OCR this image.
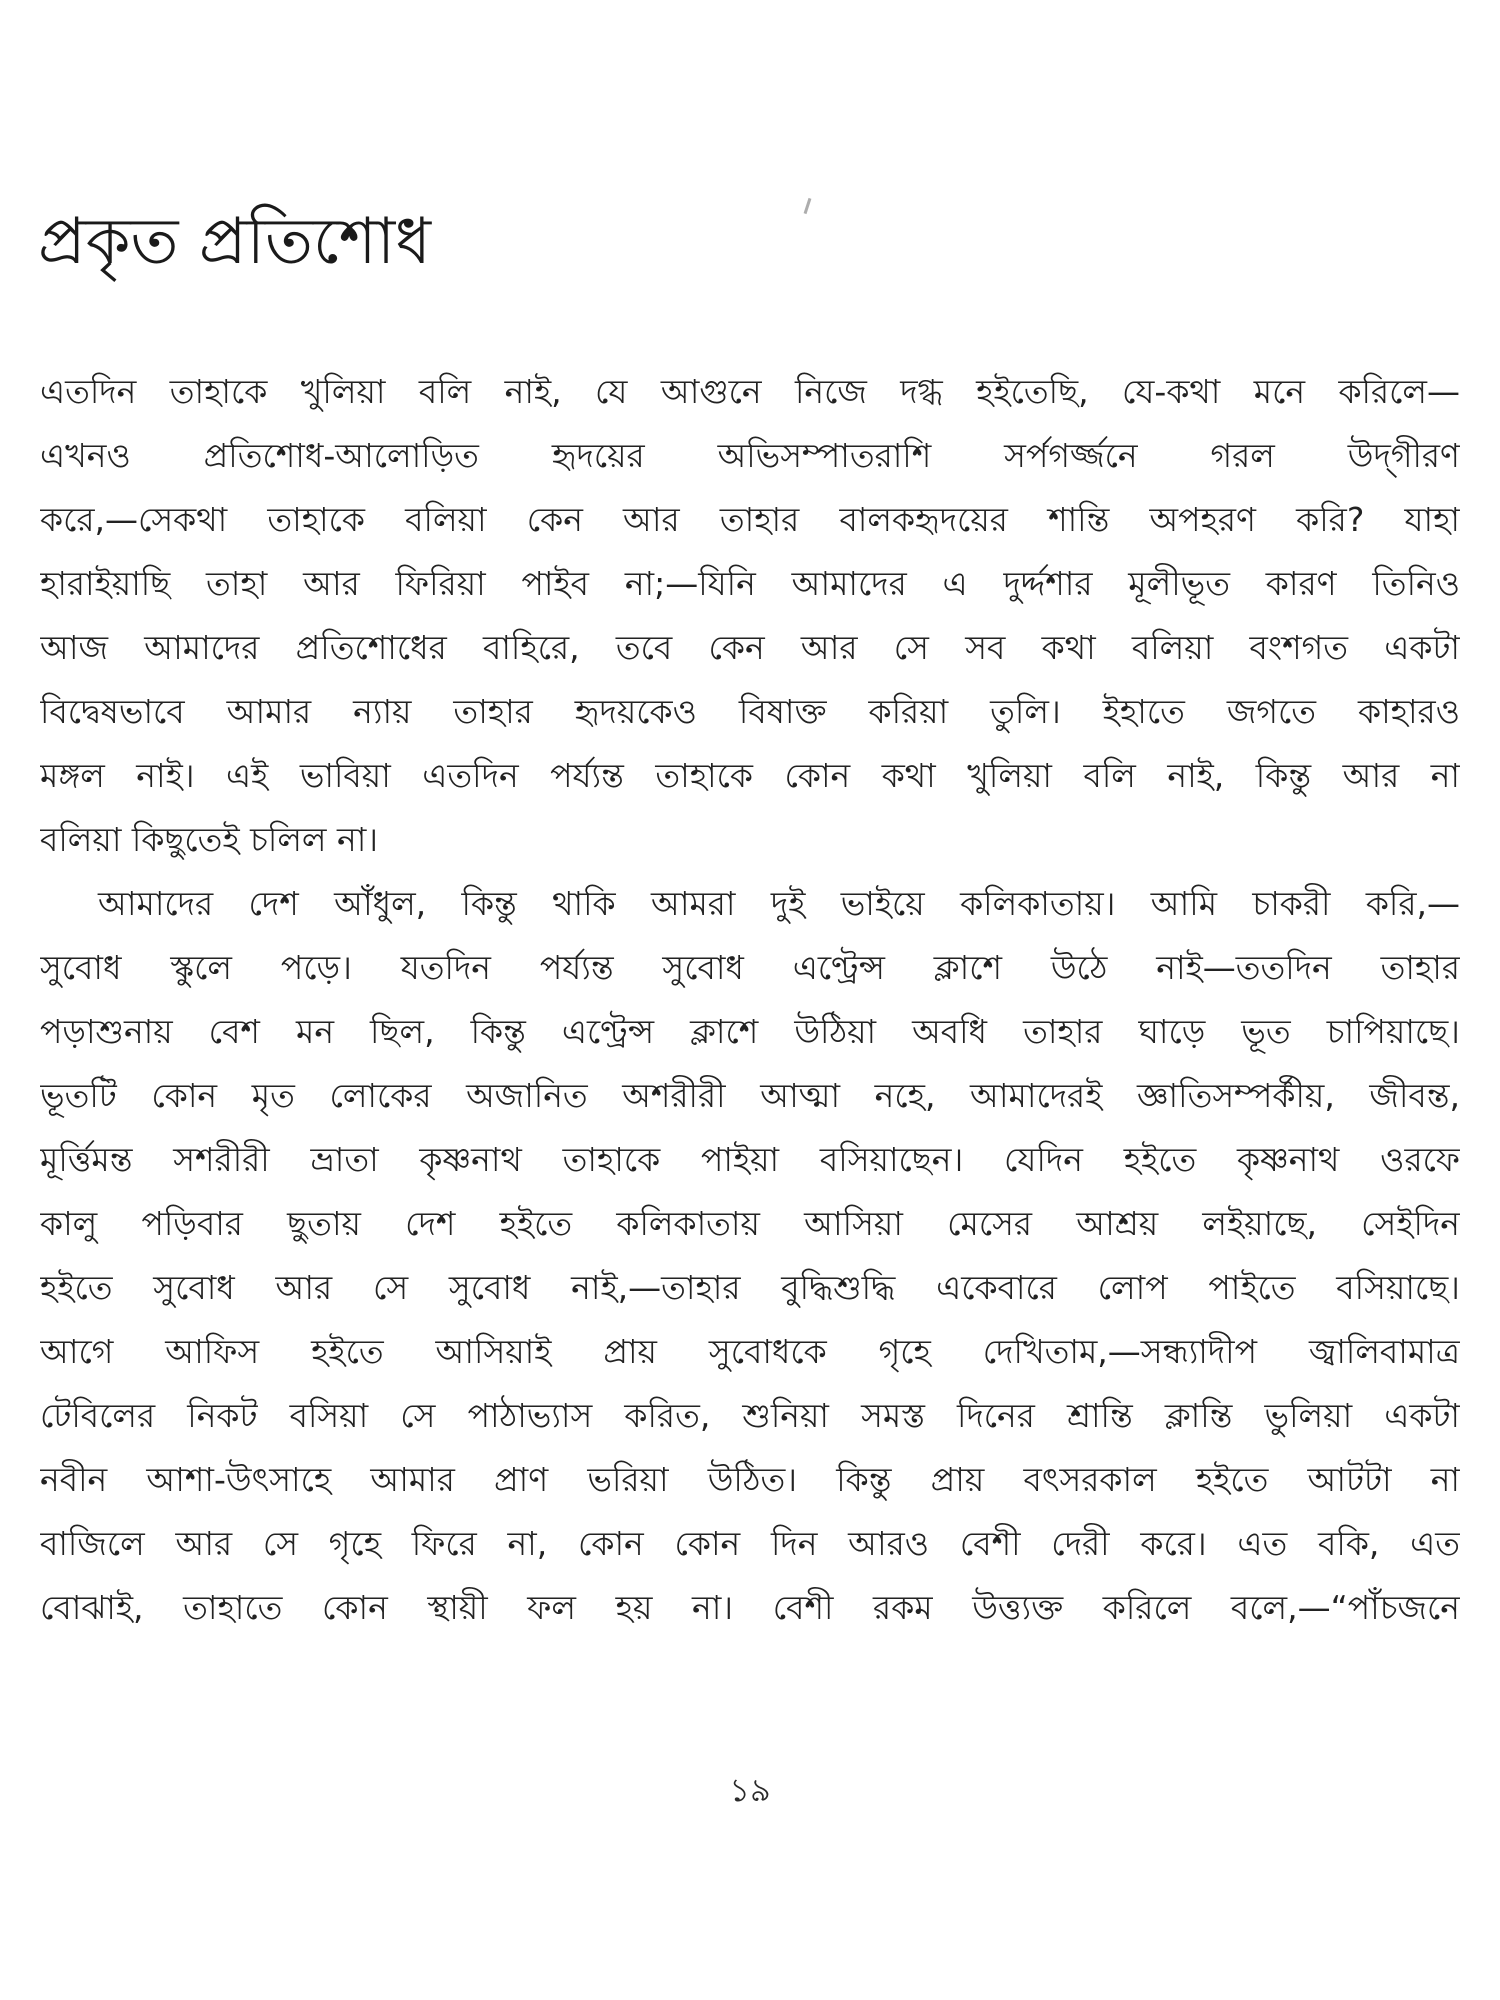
প্রকৃত প্রতিশোধ
এতদিন তাহাকে খুলিয়া বলি নাই, যে আগুনে নিজে দগ্ধ হইতেছি, যে-কথা মনে করিলে—
এখনও প্রতিশোধ-আলোড়িত হৃদয়ের অভিসম্পাতরাশি সর্পগর্জ্জনে গরল উদ্‌গীরণ
করে,—সেকথা তাহাকে বলিয়া কেন আর তাহার বালকহৃদয়ের শান্তি অপহরণ করি? যাহা
হারাইয়াছি তাহা আর ফিরিয়া পাইব না;—যিনি আমাদের এ দুর্দ্দশার মূলীভূত কারণ তিনিও
আজ আমাদের প্রতিশোধের বাহিরে, তবে কেন আর সে সব কথা বলিয়া বংশগত একটা
বিদ্বেষভাবে আমার ন্যায় তাহার হৃদয়কেও বিষাক্ত করিয়া তুলি। ইহাতে জগতে কাহারও
মঙ্গল নাই। এই ভাবিয়া এতদিন পর্য্যন্ত তাহাকে কোন কথা খুলিয়া বলি নাই, কিন্তু আর না
বলিয়া কিছুতেই চলিল না।
আমাদের দেশ আঁধুল, কিন্তু থাকি আমরা দুই ভাইয়ে কলিকাতায়। আমি চাকরী করি,—
সুবোধ স্কুলে পড়ে। যতদিন পর্য্যন্ত সুবোধ এণ্ট্রেন্স ক্লাশে উঠে নাই—ততদিন তাহার
পড়াশুনায় বেশ মন ছিল, কিন্তু এণ্ট্রেন্স ক্লাশে উঠিয়া অবধি তাহার ঘাড়ে ভূত চাপিয়াছে।
ভূতটি কোন মৃত লোকের অজানিত অশরীরী আত্মা নহে, আমাদেরই জ্ঞাতিসম্পর্কীয়, জীবন্ত,
মূর্ত্তিমন্ত সশরীরী ভ্রাতা কৃষ্ণনাথ তাহাকে পাইয়া বসিয়াছেন। যেদিন হইতে কৃষ্ণনাথ ওরফে
কালু পড়িবার ছুতায় দেশ হইতে কলিকাতায় আসিয়া মেসের আশ্রয় লইয়াছে, সেইদিন
হইতে সুবোধ আর সে সুবোধ নাই,—তাহার বুদ্ধিশুদ্ধি একেবারে লোপ পাইতে বসিয়াছে।
আগে আফিস হইতে আসিয়াই প্রায় সুবোধকে গৃহে দেখিতাম,—সন্ধ্যাদীপ জ্বালিবামাত্র
টেবিলের নিকট বসিয়া সে পাঠাভ্যাস করিত, শুনিয়া সমস্ত দিনের শ্রান্তি ক্লান্তি ভুলিয়া একটা
নবীন আশা-উৎসাহে আমার প্রাণ ভরিয়া উঠিত। কিন্তু প্রায় বৎসরকাল হইতে আটটা না
বাজিলে আর সে গৃহে ফিরে না, কোন কোন দিন আরও বেশী দেরী করে। এত বকি, এত
বোঝাই, তাহাতে কোন স্থায়ী ফল হয় না। বেশী রকম উত্ত্যক্ত করিলে বলে,—“পাঁচজনে
১৯
